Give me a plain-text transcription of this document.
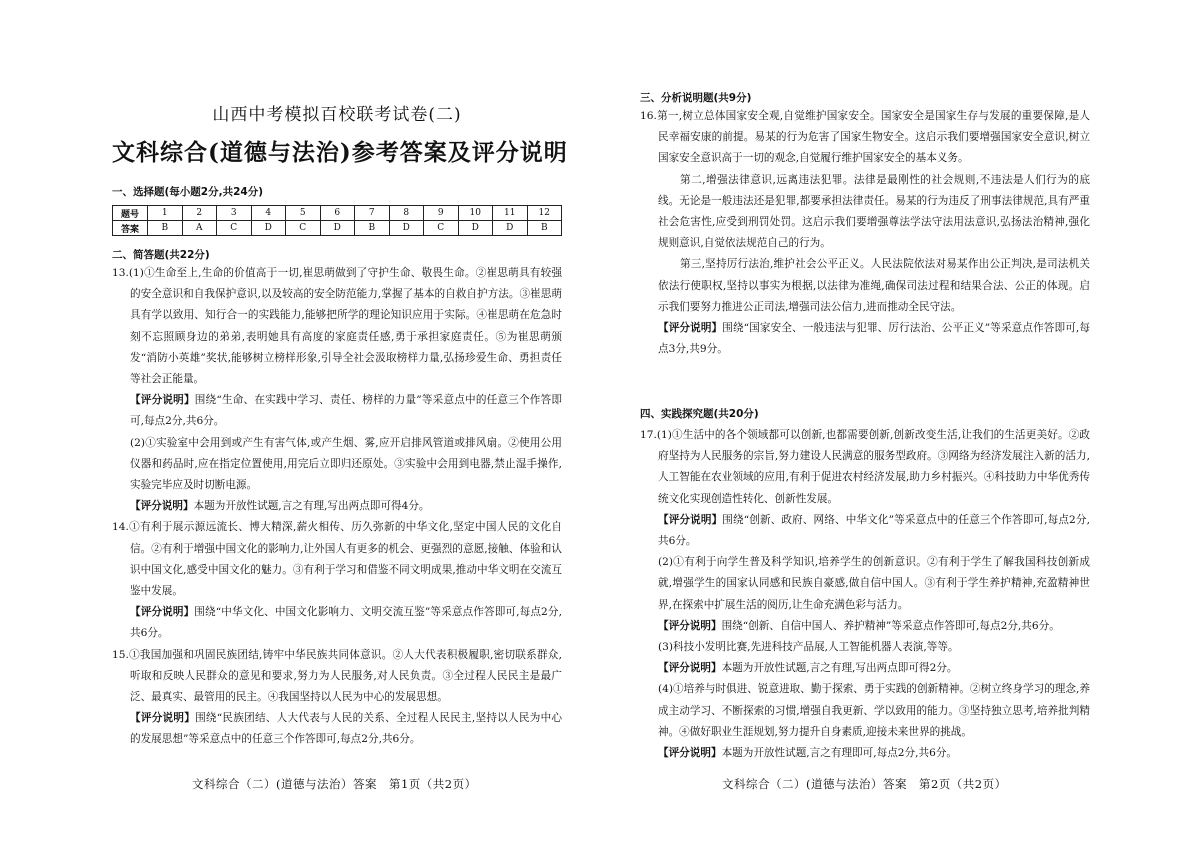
山西中考模拟百校联考试卷(二)
文科综合(道德与法治)参考答案及评分说明
一、选择题(每小题2分,共24分)
题号	1	2	3	4	5	6	7	8	9	10	11	12
答案	B	A	C	D	C	D	B	D	C	D	D	B
二、简答题(共22分)

13.(1)①生命至上,生命的价值高于一切,崔思萌做到了守护生命、敬畏生命。②崔思萌具有较强的安全意识和自我保护意识,以及较高的安全防范能力,掌握了基本的自救自护方法。③崔思萌具有学以致用、知行合一的实践能力,能够把所学的理论知识应用于实际。④崔思萌在危急时刻不忘照顾身边的弟弟,表明她具有高度的家庭责任感,勇于承担家庭责任。⑤为崔思萌颁发“消防小英雄”奖状,能够树立榜样形象,引导全社会汲取榜样力量,弘扬珍爱生命、勇担责任等社会正能量。

【评分说明】围绕“生命、在实践中学习、责任、榜样的力量”等采意点中的任意三个作答即可,每点2分,共6分。

(2)①实验室中会用到或产生有害气体,或产生烟、雾,应开启排风管道或排风扇。②使用公用仪器和药品时,应在指定位置使用,用完后立即归还原处。③实验中会用到电器,禁止湿手操作,实验完毕应及时切断电源。

【评分说明】本题为开放性试题,言之有理,写出两点即可得4分。

14.①有利于展示源远流长、博大精深,薪火相传、历久弥新的中华文化,坚定中国人民的文化自信。②有利于增强中国文化的影响力,让外国人有更多的机会、更强烈的意愿,接触、体验和认识中国文化,感受中国文化的魅力。③有利于学习和借鉴不同文明成果,推动中华文明在交流互鉴中发展。

【评分说明】围绕“中华文化、中国文化影响力、文明交流互鉴”等采意点作答即可,每点2分,共6分。

15.①我国加强和巩固民族团结,铸牢中华民族共同体意识。②人大代表积极履职,密切联系群众,听取和反映人民群众的意见和要求,努力为人民服务,对人民负责。③全过程人民民主是最广泛、最真实、最管用的民主。④我国坚持以人民为中心的发展思想。

【评分说明】围绕“民族团结、人大代表与人民的关系、全过程人民民主,坚持以人民为中心的发展思想”等采意点中的任意三个作答即可,每点2分,共6分。

文科综合（二）(道德与法治）答案　第1页（共2页）
三、分析说明题(共9分)

16.第一,树立总体国家安全观,自觉维护国家安全。国家安全是国家生存与发展的重要保障,是人民幸福安康的前提。易某的行为危害了国家生物安全。这启示我们要增强国家安全意识,树立国家安全意识高于一切的观念,自觉履行维护国家安全的基本义务。

第二,增强法律意识,远离违法犯罪。法律是最刚性的社会规则,不违法是人们行为的底线。无论是一般违法还是犯罪,都要承担法律责任。易某的行为违反了刑事法律规范,具有严重社会危害性,应受到刑罚处罚。这启示我们要增强尊法学法守法用法意识,弘扬法治精神,强化规则意识,自觉依法规范自己的行为。

第三,坚持厉行法治,维护社会公平正义。人民法院依法对易某作出公正判决,是司法机关依法行使职权,坚持以事实为根据,以法律为准绳,确保司法过程和结果合法、公正的体现。启示我们要努力推进公正司法,增强司法公信力,进而推动全民守法。

【评分说明】围绕“国家安全、一般违法与犯罪、厉行法治、公平正义”等采意点作答即可,每点3分,共9分。

四、实践探究题(共20分)

17.(1)①生活中的各个领域都可以创新,也都需要创新,创新改变生活,让我们的生活更美好。②政府坚持为人民服务的宗旨,努力建设人民满意的服务型政府。③网络为经济发展注入新的活力,人工智能在农业领域的应用,有利于促进农村经济发展,助力乡村振兴。④科技助力中华优秀传统文化实现创造性转化、创新性发展。

【评分说明】围绕“创新、政府、网络、中华文化”等采意点中的任意三个作答即可,每点2分,共6分。

(2)①有利于向学生普及科学知识,培养学生的创新意识。②有利于学生了解我国科技创新成就,增强学生的国家认同感和民族自豪感,做自信中国人。③有利于学生养护精神,充盈精神世界,在探索中扩展生活的阅历,让生命充满色彩与活力。

【评分说明】围绕“创新、自信中国人、养护精神”等采意点作答即可,每点2分,共6分。

(3)科技小发明比赛,先进科技产品展,人工智能机器人表演,等等。

【评分说明】本题为开放性试题,言之有理,写出两点即可得2分。

(4)①培养与时俱进、锐意进取、勤于探索、勇于实践的创新精神。②树立终身学习的理念,养成主动学习、不断探索的习惯,增强自我更新、学以致用的能力。③坚持独立思考,培养批判精神。④做好职业生涯规划,努力提升自身素质,迎接未来世界的挑战。

【评分说明】本题为开放性试题,言之有理即可,每点2分,共6分。

文科综合（二）(道德与法治）答案　第2页（共2页）
